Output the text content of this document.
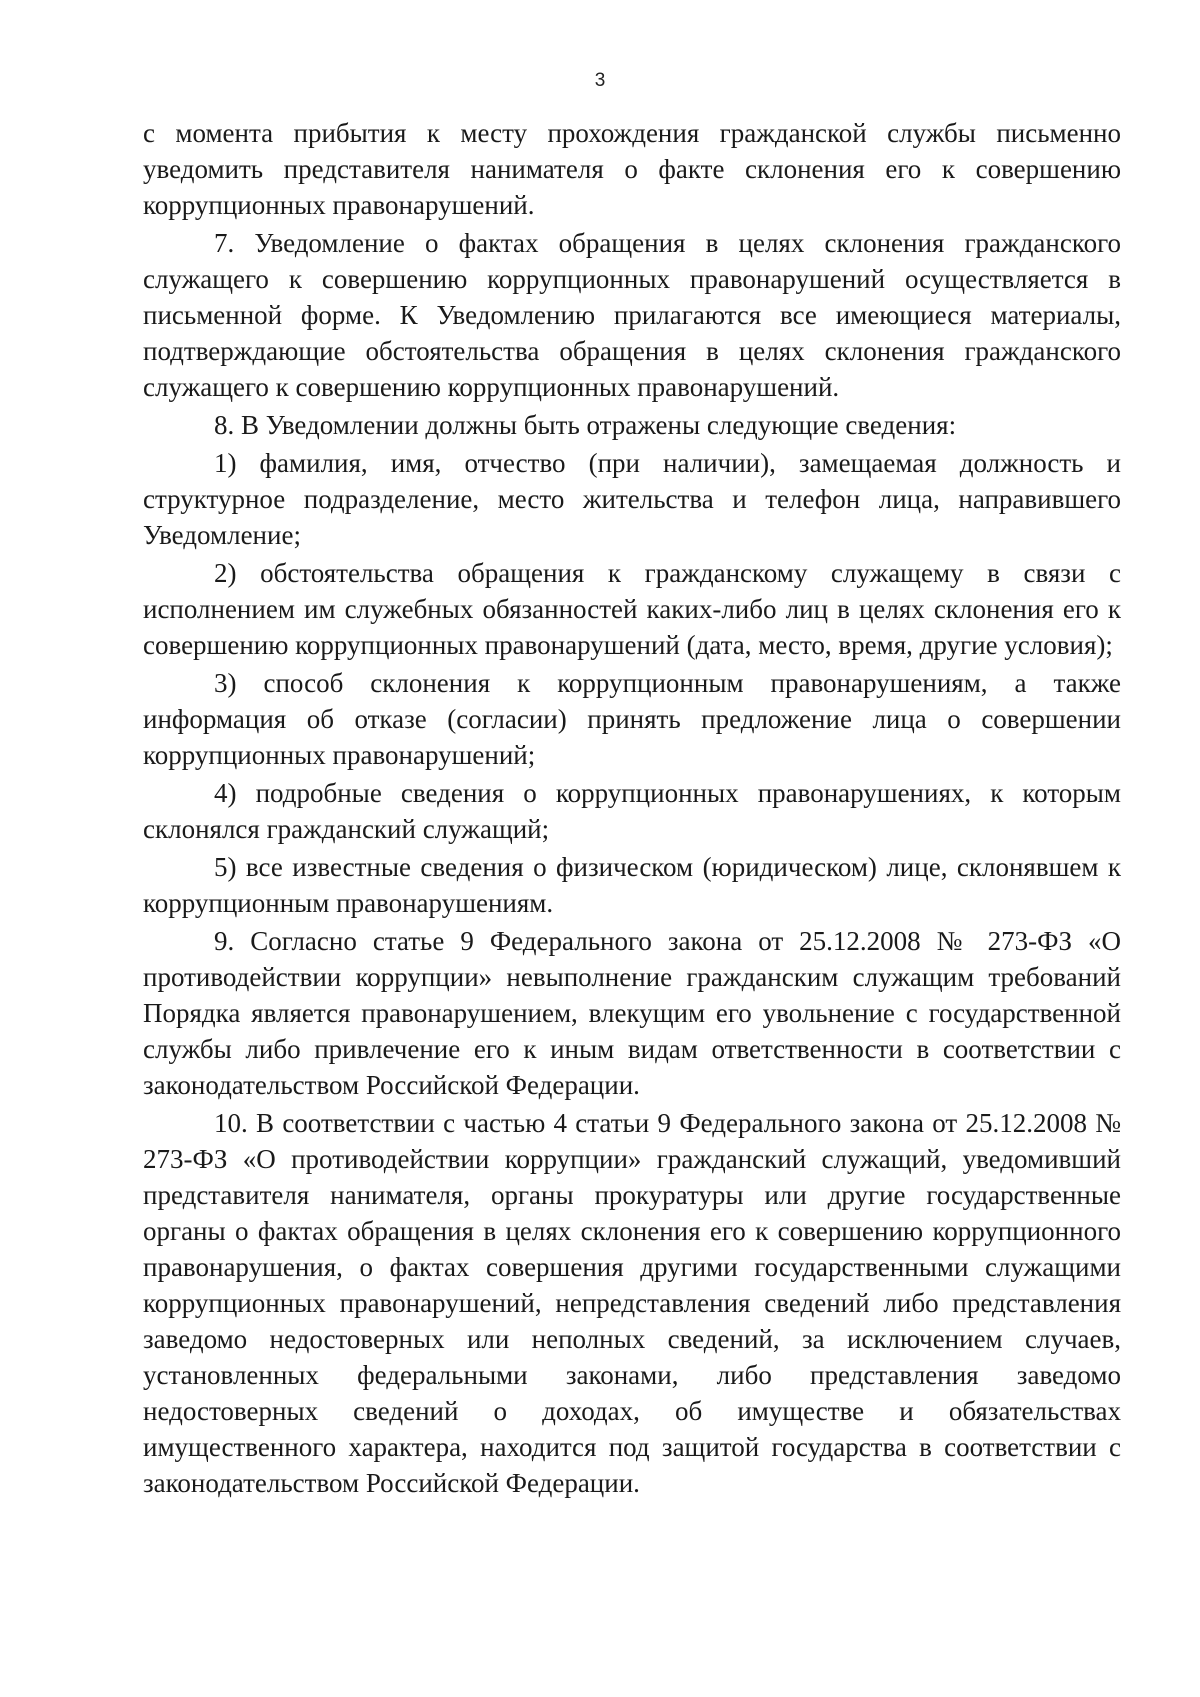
3

с момента прибытия к месту прохождения гражданской службы письменно уведомить представителя нанимателя о факте склонения его к совершению коррупционных правонарушений.

7. Уведомление о фактах обращения в целях склонения гражданского служащего к совершению коррупционных правонарушений осуществляется в письменной форме. К Уведомлению прилагаются все имеющиеся материалы, подтверждающие обстоятельства обращения в целях склонения гражданского служащего к совершению коррупционных правонарушений.

8. В Уведомлении должны быть отражены следующие сведения:

1) фамилия, имя, отчество (при наличии), замещаемая должность и структурное подразделение, место жительства и телефон лица, направившего Уведомление;

2) обстоятельства обращения к гражданскому служащему в связи с исполнением им служебных обязанностей каких-либо лиц в целях склонения его к совершению коррупционных правонарушений (дата, место, время, другие условия);

3) способ склонения к коррупционным правонарушениям, а также информация об отказе (согласии) принять предложение лица о совершении коррупционных правонарушений;

4) подробные сведения о коррупционных правонарушениях, к которым склонялся гражданский служащий;

5) все известные сведения о физическом (юридическом) лице, склонявшем к коррупционным правонарушениям.

9. Согласно статье 9 Федерального закона от 25.12.2008 № 273-ФЗ «О противодействии коррупции» невыполнение гражданским служащим требований Порядка является правонарушением, влекущим его увольнение с государственной службы либо привлечение его к иным видам ответственности в соответствии с законодательством Российской Федерации.

10. В соответствии с частью 4 статьи 9 Федерального закона от 25.12.2008 № 273-ФЗ «О противодействии коррупции» гражданский служащий, уведомивший представителя нанимателя, органы прокуратуры или другие государственные органы о фактах обращения в целях склонения его к совершению коррупционного правонарушения, о фактах совершения другими государственными служащими коррупционных правонарушений, непредставления сведений либо представления заведомо недостоверных или неполных сведений, за исключением случаев, установленных федеральными законами, либо представления заведомо недостоверных сведений о доходах, об имуществе и обязательствах имущественного характера, находится под защитой государства в соответствии с законодательством Российской Федерации.
